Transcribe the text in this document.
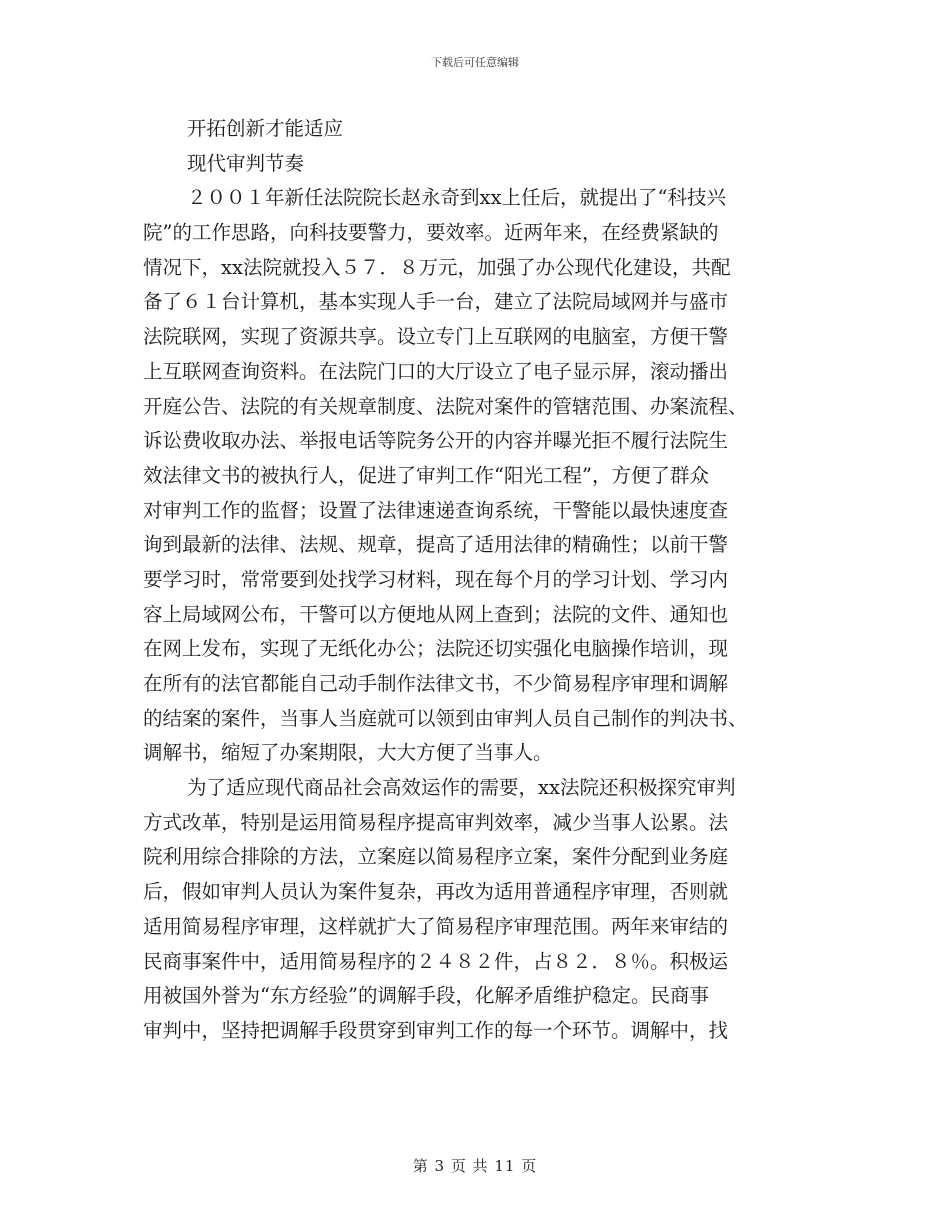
下载后可任意编辑
开拓创新才能适应
现代审判节奏
２００１年新任法院院长赵永奇到xx上任后，就提出了“科技兴
院”的工作思路，向科技要警力，要效率。近两年来，在经费紧缺的
情况下，xx法院就投入５７．８万元，加强了办公现代化建设，共配
备了６１台计算机，基本实现人手一台，建立了法院局域网并与盛市
法院联网，实现了资源共享。设立专门上互联网的电脑室，方便干警
上互联网查询资料。在法院门口的大厅设立了电子显示屏，滚动播出
开庭公告、法院的有关规章制度、法院对案件的管辖范围、办案流程、
诉讼费收取办法、举报电话等院务公开的内容并曝光拒不履行法院生
效法律文书的被执行人，促进了审判工作“阳光工程”，方便了群众
对审判工作的监督；设置了法律速递查询系统，干警能以最快速度查
询到最新的法律、法规、规章，提高了适用法律的精确性；以前干警
要学习时，常常要到处找学习材料，现在每个月的学习计划、学习内
容上局域网公布，干警可以方便地从网上查到；法院的文件、通知也
在网上发布，实现了无纸化办公；法院还切实强化电脑操作培训，现
在所有的法官都能自己动手制作法律文书，不少简易程序审理和调解
的结案的案件，当事人当庭就可以领到由审判人员自己制作的判决书、
调解书，缩短了办案期限，大大方便了当事人。
为了适应现代商品社会高效运作的需要，xx法院还积极探究审判
方式改革，特别是运用简易程序提高审判效率，减少当事人讼累。法
院利用综合排除的方法，立案庭以简易程序立案，案件分配到业务庭
后，假如审判人员认为案件复杂，再改为适用普通程序审理，否则就
适用简易程序审理，这样就扩大了简易程序审理范围。两年来审结的
民商事案件中，适用简易程序的２４８２件，占８２．８％。积极运
用被国外誉为“东方经验”的调解手段，化解矛盾维护稳定。民商事
审判中，坚持把调解手段贯穿到审判工作的每一个环节。调解中，找
第 3 页 共 11 页
